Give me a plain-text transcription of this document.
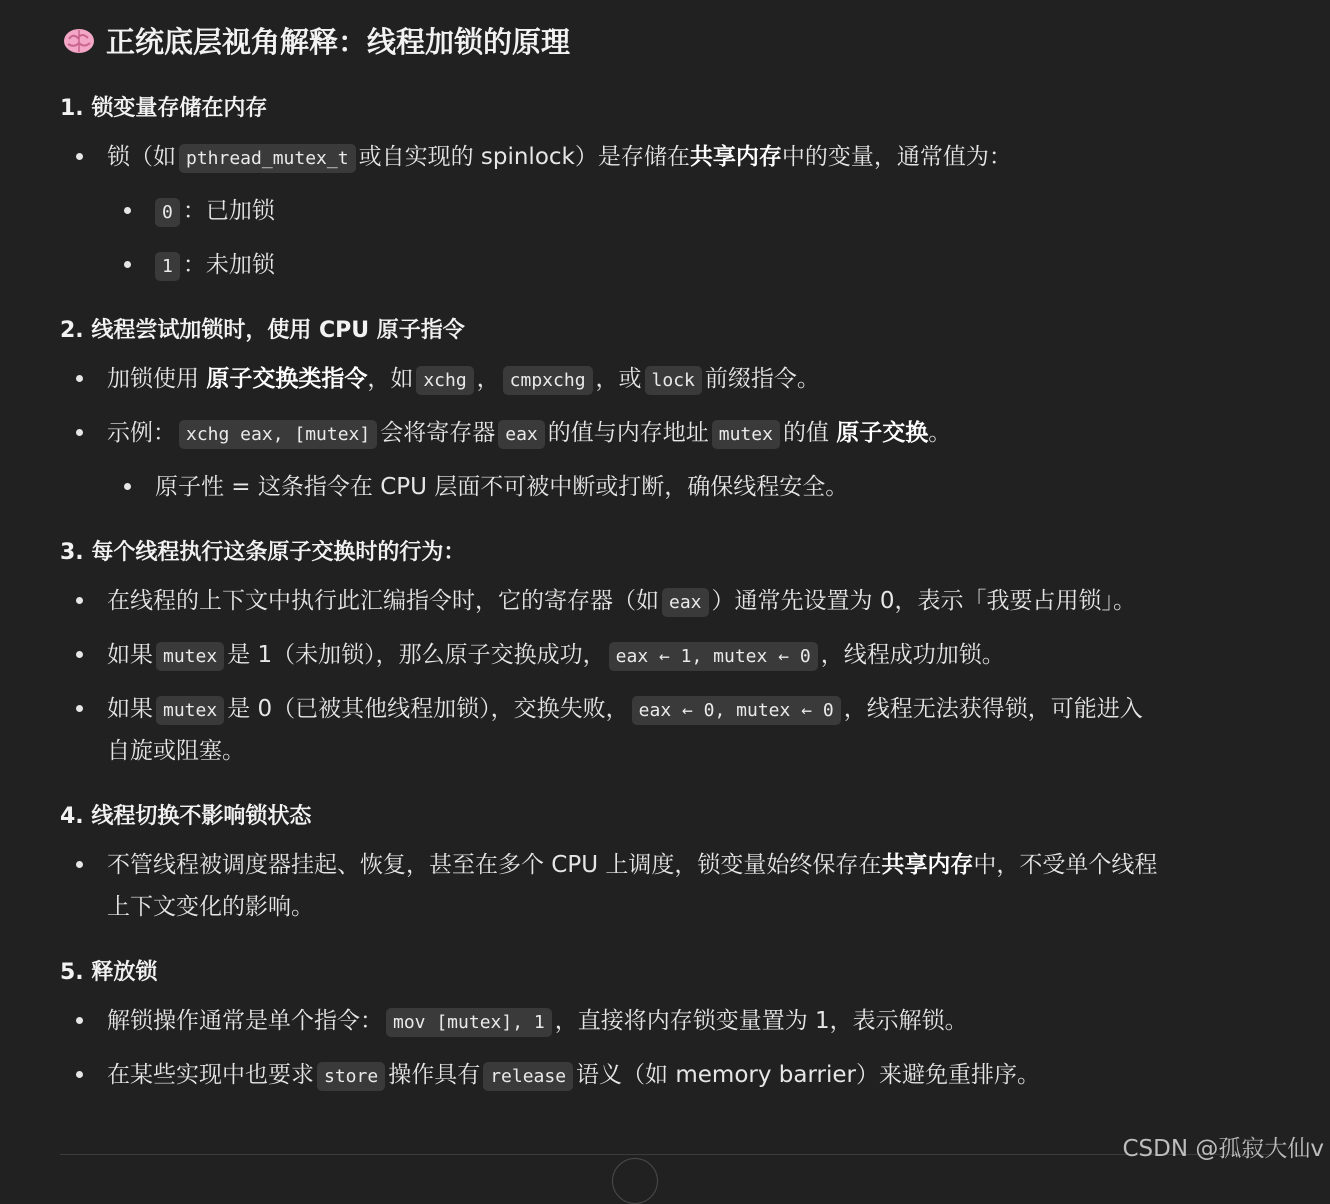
正统底层视角解释：线程加锁的原理
1. 锁变量存储在内存
锁（如 pthread_mutex_t 或自实现的 spinlock）是存储在共享内存中的变量，通常值为：
0 ：已加锁
1 ：未加锁
2. 线程尝试加锁时，使用 CPU 原子指令
加锁使用 原子交换类指令，如 xchg ， cmpxchg ，或 lock 前缀指令。
示例： xchg eax, [mutex] 会将寄存器 eax 的值与内存地址 mutex 的值 原子交换。
原子性 = 这条指令在 CPU 层面不可被中断或打断，确保线程安全。
3. 每个线程执行这条原子交换时的行为：
在线程的上下文中执行此汇编指令时，它的寄存器（如 eax ）通常先设置为 0，表示「我要占用锁」。
如果 mutex 是 1（未加锁），那么原子交换成功， eax ← 1, mutex ← 0 ，线程成功加锁。
如果 mutex 是 0（已被其他线程加锁），交换失败， eax ← 0, mutex ← 0 ，线程无法获得锁，可能进入
自旋或阻塞。
4. 线程切换不影响锁状态
不管线程被调度器挂起、恢复，甚至在多个 CPU 上调度，锁变量始终保存在共享内存中，不受单个线程
上下文变化的影响。
5. 释放锁
解锁操作通常是单个指令： mov [mutex], 1 ，直接将内存锁变量置为 1，表示解锁。
在某些实现中也要求 store 操作具有 release 语义（如 memory barrier）来避免重排序。
CSDN @孤寂大仙v
